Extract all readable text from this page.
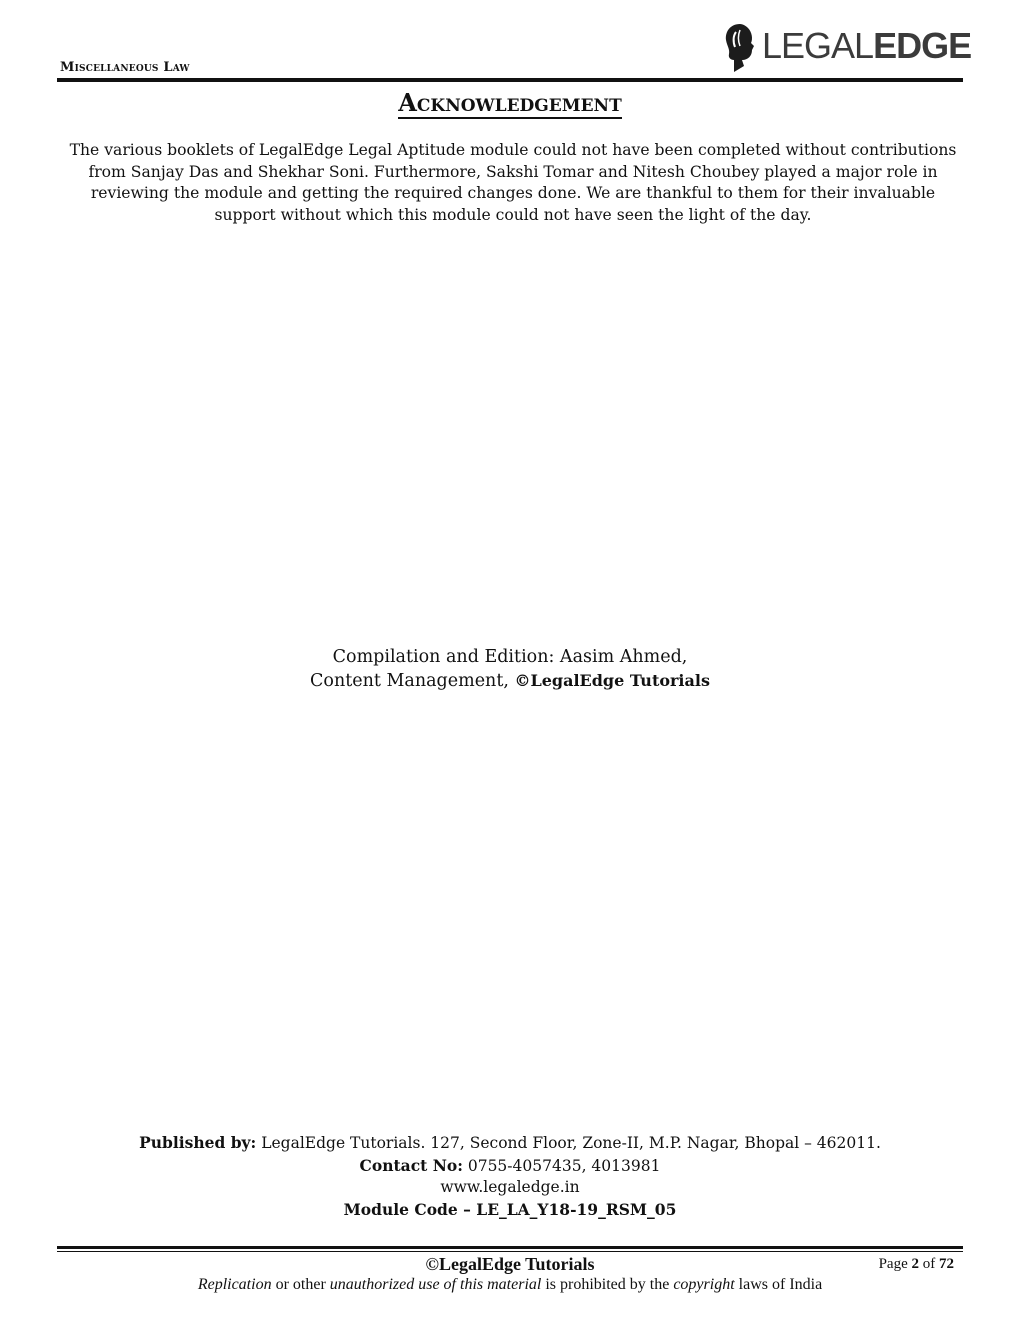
Miscellaneous Law
LEGALEDGE
Acknowledgement
The various booklets of LegalEdge Legal Aptitude module could not have been completed without contributions from Sanjay Das and Shekhar Soni. Furthermore, Sakshi Tomar and Nitesh Choubey played a major role in reviewing the module and getting the required changes done. We are thankful to them for their invaluable support without which this module could not have seen the light of the day.
Compilation and Edition: Aasim Ahmed,
Content Management, ©LegalEdge Tutorials
Published by: LegalEdge Tutorials. 127, Second Floor, Zone-II, M.P. Nagar, Bhopal – 462011.
Contact No: 0755-4057435, 4013981
www.legaledge.in
Module Code – LE_LA_Y18-19_RSM_05
©LegalEdge Tutorials	Page 2 of 72
Replication or other unauthorized use of this material is prohibited by the copyright laws of India
